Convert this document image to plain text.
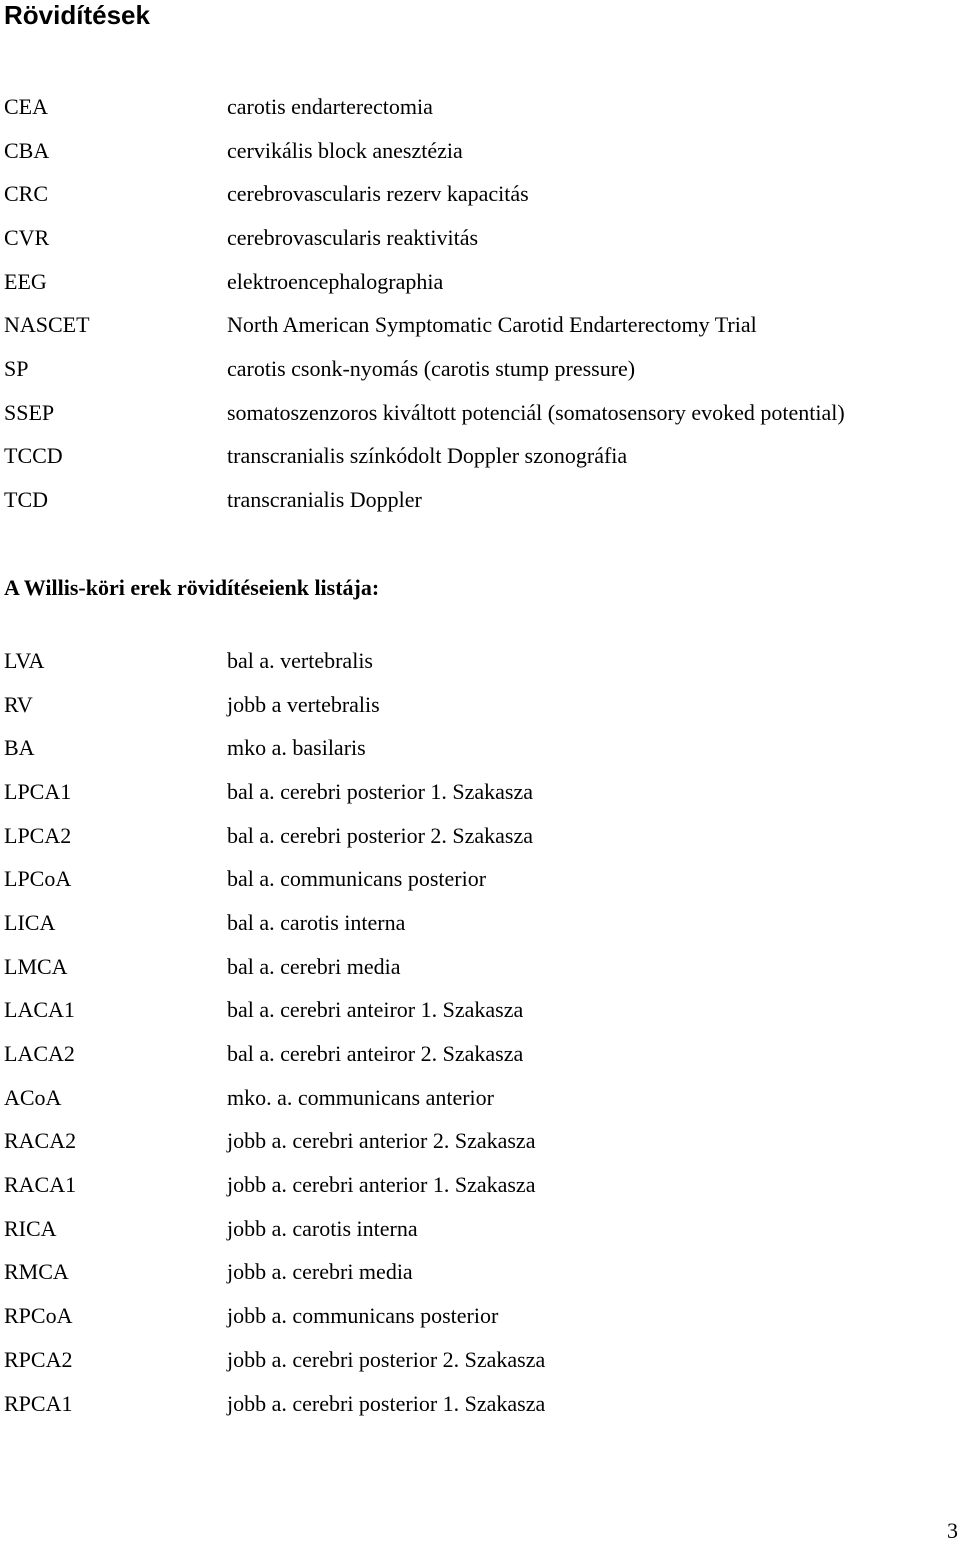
Rövidítések
CEA	carotis endarterectomia
CBA	cervikális block anesztézia
CRC	cerebrovascularis rezerv kapacitás
CVR	cerebrovascularis reaktivitás
EEG	elektroencephalographia
NASCET	North American Symptomatic Carotid Endarterectomy Trial
SP	carotis csonk-nyomás (carotis stump pressure)
SSEP	somatoszenzoros kiváltott potenciál (somatosensory evoked potential)
TCCD	transcranialis színkódolt Doppler szonográfia
TCD	transcranialis Doppler
A Willis-köri erek rövidítéseienk listája:
LVA	bal a. vertebralis
RV	jobb a vertebralis
BA	mko a. basilaris
LPCA1	bal a. cerebri posterior 1. Szakasza
LPCA2	bal a. cerebri posterior 2. Szakasza
LPCoA	bal a. communicans posterior
LICA	bal a. carotis interna
LMCA	bal a. cerebri media
LACA1	bal a. cerebri anteiror 1. Szakasza
LACA2	bal a. cerebri anteiror 2. Szakasza
ACoA	mko. a. communicans anterior
RACA2	jobb a. cerebri anterior 2. Szakasza
RACA1	jobb a. cerebri anterior 1. Szakasza
RICA	jobb a. carotis interna
RMCA	jobb a. cerebri media
RPCoA	jobb a. communicans posterior
RPCA2	jobb a. cerebri posterior 2. Szakasza
RPCA1	jobb a. cerebri posterior 1. Szakasza
3
